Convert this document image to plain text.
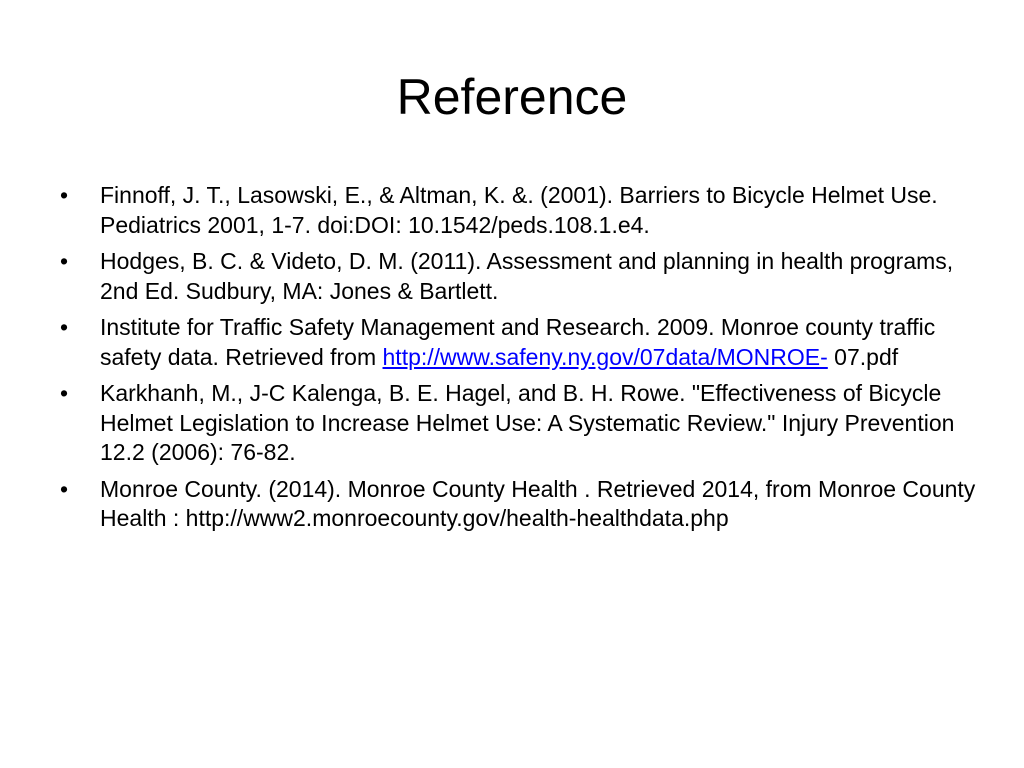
Reference
• Finnoff, J. T., Lasowski, E., & Altman, K. &. (2001). Barriers to Bicycle Helmet Use. Pediatrics 2001, 1-7. doi:DOI: 10.1542/peds.108.1.e4.
• Hodges, B. C. & Videto, D. M. (2011). Assessment and planning in health programs, 2nd Ed. Sudbury, MA: Jones & Bartlett.
• Institute for Traffic Safety Management and Research. 2009. Monroe county traffic safety data. Retrieved from http://www.safeny.ny.gov/07data/MONROE- 07.pdf
• Karkhanh, M., J-C Kalenga, B. E. Hagel, and B. H. Rowe. "Effectiveness of Bicycle Helmet Legislation to Increase Helmet Use: A Systematic Review." Injury Prevention 12.2 (2006): 76-82.
• Monroe County. (2014). Monroe County Health . Retrieved 2014, from Monroe County Health : http://www2.monroecounty.gov/health-healthdata.php
